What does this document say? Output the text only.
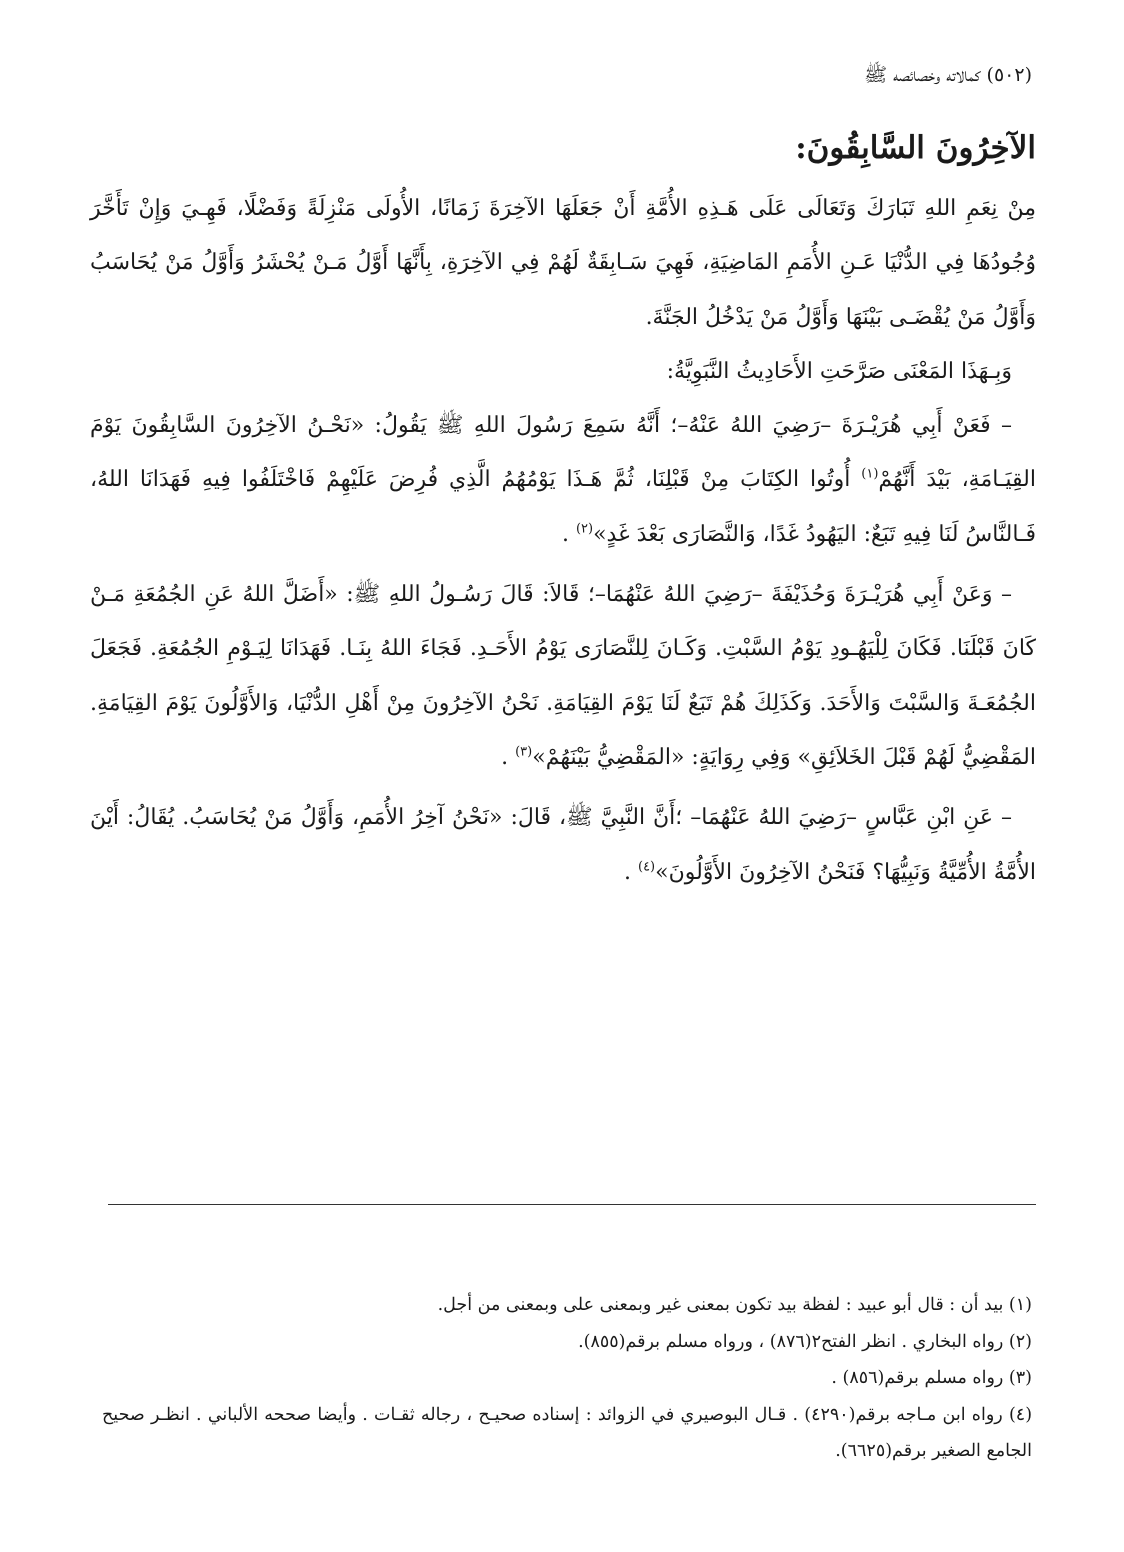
(٥٠٢) كمالاته وخصائصه ﷺ
الآخِرُونَ السَّابِقُونَ:

مِنْ نِعَمِ اللهِ تَبَارَكَ وَتَعَالَى عَلَى هَـذِهِ الأُمَّةِ أَنْ جَعَلَهَا الآخِرَةَ زَمَانًا، الأُولَى مَنْزِلَةً وَفَضْلًا، فَهِـيَ وَإِنْ تَأَخَّرَ وُجُودُهَا فِي الدُّنْيَا عَـنِ الأُمَمِ المَاضِيَةِ، فَهِيَ سَـابِقَةٌ لَهُمْ فِي الآخِرَةِ، بِأَنَّهَا أَوَّلُ مَـنْ يُحْشَرُ وَأَوَّلُ مَنْ يُحَاسَبُ وَأَوَّلُ مَنْ يُقْضَـى بَيْنَهَا وَأَوَّلُ مَنْ يَدْخُلُ الجَنَّةَ.

وَبِـهَذَا المَعْنَى صَرَّحَتِ الأَحَادِيثُ النَّبَوِيَّةُ:

– فَعَنْ أَبِي هُرَيْـرَةَ –رَضِيَ اللهُ عَنْهُ–؛ أَنَّهُ سَمِعَ رَسُولَ اللهِ ﷺ يَقُولُ: «نَحْـنُ الآخِرُونَ السَّابِقُونَ يَوْمَ القِيَـامَةِ، بَيْدَ أَنَّهُمْ$^{(١)}$ أُوتُوا الكِتَابَ مِنْ قَبْلِنَا، ثُمَّ هَـذَا يَوْمُهُمُ الَّذِي فُرِضَ عَلَيْهِمْ فَاخْتَلَفُوا فِيهِ فَهَدَانَا اللهُ، فَـالنَّاسُ لَنَا فِيهِ تَبَعٌ: اليَهُودُ غَدًا، وَالنَّصَارَى بَعْدَ غَدٍ»$^{(٢)}$ .

– وَعَنْ أَبِي هُرَيْـرَةَ وَحُذَيْفَةَ –رَضِيَ اللهُ عَنْهُمَا–؛ قَالاَ: قَالَ رَسُـولُ اللهِ ﷺ: «أَضَلَّ اللهُ عَنِ الجُمُعَةِ مَـنْ كَانَ قَبْلَنَا. فَكَانَ لِلْيَهُـودِ يَوْمُ السَّبْتِ. وَكَـانَ لِلنَّصَارَى يَوْمُ الأَحَـدِ. فَجَاءَ اللهُ بِنَـا. فَهَدَانَا لِيَـوْمِ الجُمُعَةِ. فَجَعَلَ الجُمُعَـةَ وَالسَّبْتَ وَالأَحَدَ. وَكَذَلِكَ هُمْ تَبَعٌ لَنَا يَوْمَ القِيَامَةِ. نَحْنُ الآخِرُونَ مِنْ أَهْلِ الدُّنْيَا، وَالأَوَّلُونَ يَوْمَ القِيَامَةِ. المَقْضِيُّ لَهُمْ قَبْلَ الخَلاَئِقِ» وَفِي رِوَايَةٍ: «المَقْضِيُّ بَيْنَهُمْ»$^{(٣)}$ .

– عَنِ ابْنِ عَبَّاسٍ –رَضِيَ اللهُ عَنْهُمَا– ؛أَنَّ النَّبِيَّ ﷺ، قَالَ: «نَحْنُ آخِرُ الأُمَمِ، وَأَوَّلُ مَنْ يُحَاسَبُ. يُقَالُ: أَيْنَ الأُمَّةُ الأُمِّيَّةُ وَنَبِيُّهَا؟ فَنَحْنُ الآخِرُونَ الأَوَّلُونَ»$^{(٤)}$ .

(١) بيد أن : قال أبو عبيد : لفظة بيد تكون بمعنى غير وبمعنى على وبمعنى من أجل.

(٢) رواه البخاري . انظر الفتح٢(٨٧٦) ، ورواه مسلم برقم(٨٥٥).

(٣) رواه مسلم برقم(٨٥٦) .

(٤) رواه ابن مـاجه برقم(٤٢٩٠) . قـال البوصيري في الزوائد : إسناده صحيـح ، رجاله ثقـات . وأيضا صححه الألباني . انظـر صحيح الجامع الصغير برقم(٦٦٢٥).
